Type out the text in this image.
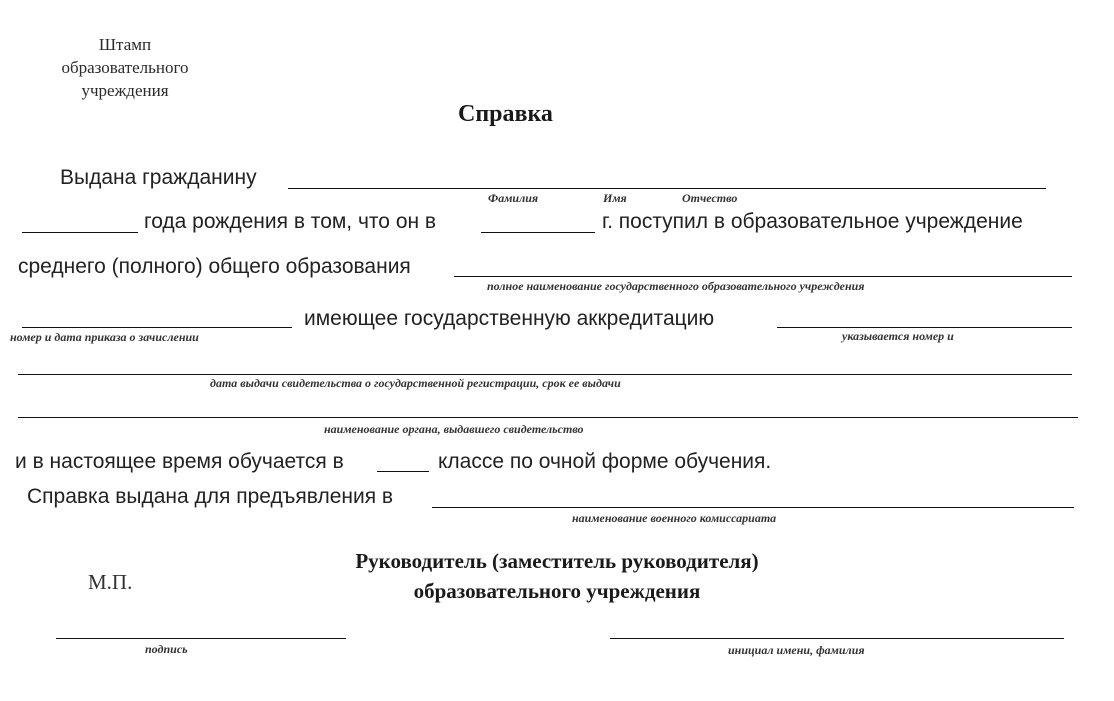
Штамп
образовательного
учреждения
Справка
Выдана гражданину
Фамилия	Имя	Отчество
года рождения в том, что он в	г. поступил в образовательное учреждение
среднего (полного) общего образования
полное наименование государственного образовательного учреждения
номер и дата приказа о зачислении
имеющее государственную аккредитацию
указывается номер и
дата выдачи свидетельства о государственной регистрации, срок ее выдачи
наименование органа, выдавшего свидетельство
и в настоящее время обучается в	классе по очной форме обучения.
Справка выдана для предъявления в
наименование военного комиссариата
Руководитель (заместитель руководителя)
образовательного учреждения
М.П.
подпись	инициал имени, фамилия
